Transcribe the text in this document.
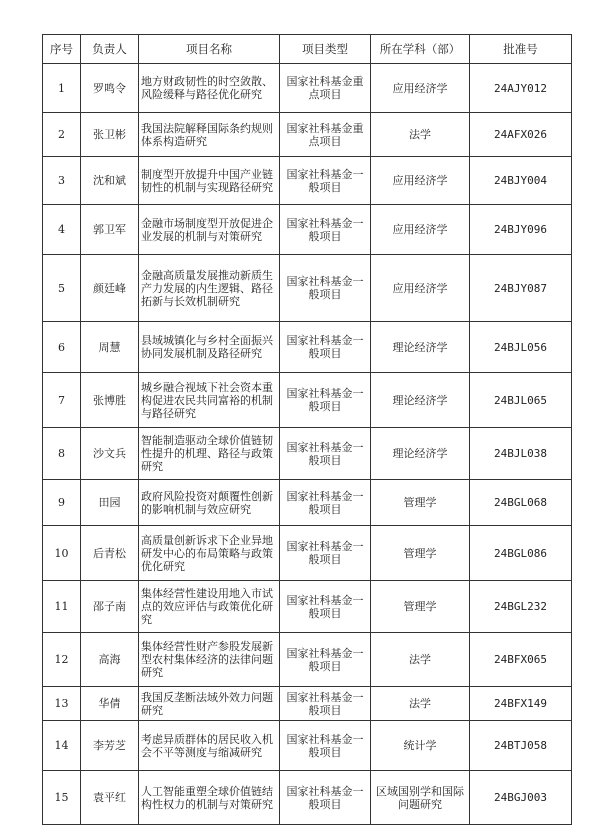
序号	负责人	项目名称	项目类型	所在学科（部）	批准号
1	罗鸣令	地方财政韧性的时空敛散、风险缓释与路径优化研究	国家社科基金重点项目	应用经济学	24AJY012
2	张卫彬	我国法院解释国际条约规则体系构造研究	国家社科基金重点项目	法学	24AFX026
3	沈和斌	制度型开放提升中国产业链韧性的机制与实现路径研究	国家社科基金一般项目	应用经济学	24BJY004
4	郭卫军	金融市场制度型开放促进企业发展的机制与对策研究	国家社科基金一般项目	应用经济学	24BJY096
5	颜廷峰	金融高质量发展推动新质生产力发展的内生逻辑、路径拓新与长效机制研究	国家社科基金一般项目	应用经济学	24BJY087
6	周慧	县域城镇化与乡村全面振兴协同发展机制及路径研究	国家社科基金一般项目	理论经济学	24BJL056
7	张博胜	城乡融合视域下社会资本重构促进农民共同富裕的机制与路径研究	国家社科基金一般项目	理论经济学	24BJL065
8	沙文兵	智能制造驱动全球价值链韧性提升的机理、路径与政策研究	国家社科基金一般项目	理论经济学	24BJL038
9	田园	政府风险投资对颠覆性创新的影响机制与效应研究	国家社科基金一般项目	管理学	24BGL068
10	后青松	高质量创新诉求下企业异地研发中心的布局策略与政策优化研究	国家社科基金一般项目	管理学	24BGL086
11	邵子南	集体经营性建设用地入市试点的效应评估与政策优化研究	国家社科基金一般项目	管理学	24BGL232
12	高海	集体经营性财产参股发展新型农村集体经济的法律问题研究	国家社科基金一般项目	法学	24BFX065
13	华倩	我国反垄断法域外效力问题研究	国家社科基金一般项目	法学	24BFX149
14	李芳芝	考虑异质群体的居民收入机会不平等测度与缩减研究	国家社科基金一般项目	统计学	24BTJ058
15	袁平红	人工智能重塑全球价值链结构性权力的机制与对策研究	国家社科基金一般项目	区域国别学和国际问题研究	24BGJ003
